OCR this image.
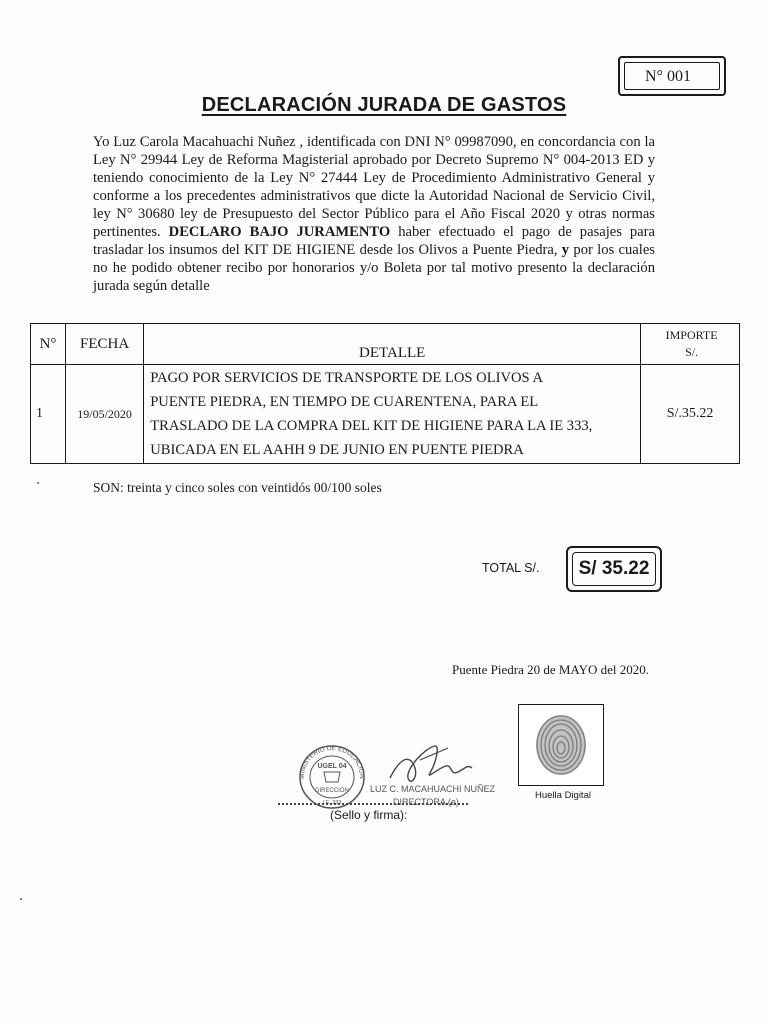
N° 001
DECLARACIÓN JURADA DE GASTOS
Yo Luz Carola Macahuachi Nuñez , identificada con DNI N° 09987090, en concordancia con la Ley N° 29944 Ley de Reforma Magisterial aprobado por Decreto Supremo N° 004-2013 ED y teniendo conocimiento de la Ley N° 27444 Ley de Procedimiento Administrativo General y conforme a los precedentes administrativos que dicte la Autoridad Nacional de Servicio Civil, ley N° 30680 ley de Presupuesto del Sector Público para el Año Fiscal 2020 y otras normas pertinentes. DECLARO BAJO JURAMENTO haber efectuado el pago de pasajes para trasladar los insumos del KIT DE HIGIENE desde los Olivos a Puente Piedra, y por los cuales no he podido obtener recibo por honorarios y/o Boleta por tal motivo presento la declaración jurada según detalle
N°	FECHA	DETALLE	IMPORTE
S/.

1	19/05/2020	PAGO POR SERVICIOS DE TRANSPORTE DE LOS OLIVOS A
PUENTE PIEDRA, EN TIEMPO DE CUARENTENA, PARA EL
TRASLADO DE LA COMPRA DEL KIT DE HIGIENE PARA LA IE 333,
UBICADA EN EL AAHH 9 DE JUNIO EN PUENTE PIEDRA	S/.35.22
SON: treinta y cinco soles con veintidós 00/100 soles
TOTAL S/.	S/ 35.22
Puente Piedra 20 de MAYO del 2020.
Huella Digital
MINISTERIO DE EDUCACIÓN
UGEL 04
DIRECCIÓN
I.E. 333
LUZ C. MACAHUACHI NUÑEZ
DIRECTORA (e)
(Sello y firma):
